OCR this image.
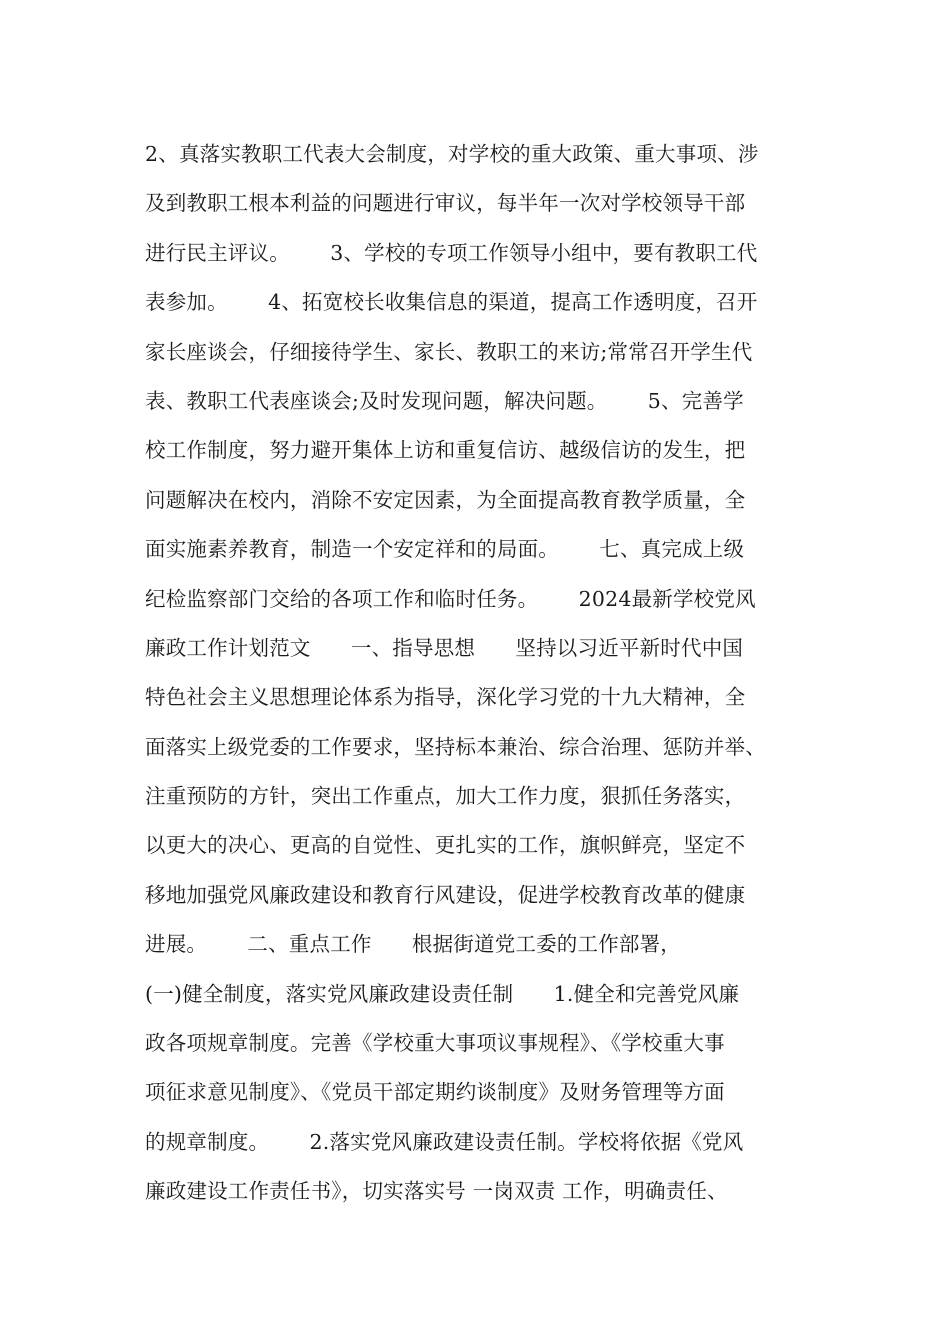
2、真落实教职工代表大会制度，对学校的重大政策、重大事项、涉
及到教职工根本利益的问题进行审议，每半年一次对学校领导干部
进行民主评议。      3、学校的专项工作领导小组中，要有教职工代
表参加。      4、拓宽校长收集信息的渠道，提高工作透明度，召开
家长座谈会，仔细接待学生、家长、教职工的来访;常常召开学生代
表、教职工代表座谈会;及时发现问题，解决问题。      5、完善学
校工作制度，努力避开集体上访和重复信访、越级信访的发生，把
问题解决在校内，消除不安定因素，为全面提高教育教学质量，全
面实施素养教育，制造一个安定祥和的局面。      七、真完成上级
纪检监察部门交给的各项工作和临时任务。      2024最新学校党风
廉政工作计划范文      一、指导思想      坚持以习近平新时代中国
特色社会主义思想理论体系为指导，深化学习党的十九大精神，全
面落实上级党委的工作要求，坚持标本兼治、综合治理、惩防并举、
注重预防的方针，突出工作重点，加大工作力度，狠抓任务落实，
以更大的决心、更高的自觉性、更扎实的工作，旗帜鲜亮，坚定不
移地加强党风廉政建设和教育行风建设，促进学校教育改革的健康
进展。      二、重点工作      根据街道党工委的工作部署，
(一)健全制度，落实党风廉政建设责任制      1.健全和完善党风廉
政各项规章制度。完善《学校重大事项议事规程》、《学校重大事
项征求意见制度》、《党员干部定期约谈制度》及财务管理等方面
的规章制度。      2.落实党风廉政建设责任制。学校将依据《党风
廉政建设工作责任书》，切实落实号 一岗双责 工作，明确责任、
